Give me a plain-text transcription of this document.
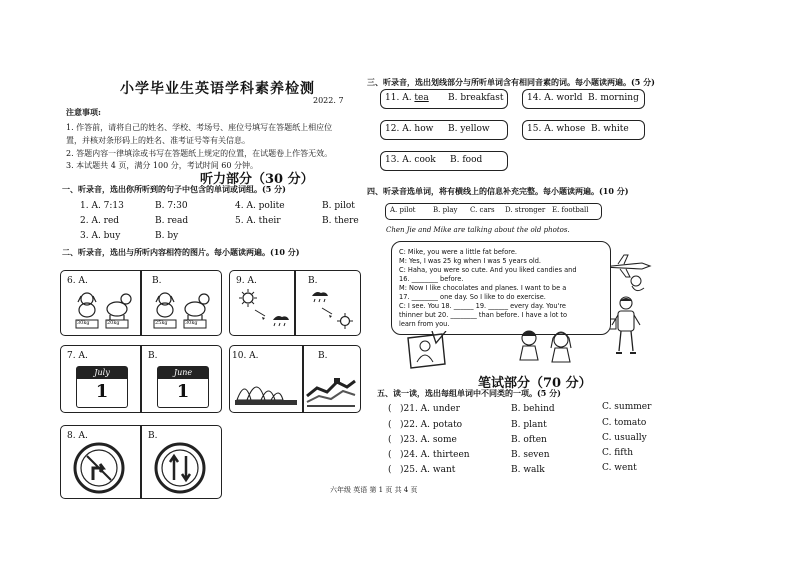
小学毕业生英语学科素养检测
2022. 7
注意事项:
1. 作答前，请将自己的姓名、学校、考场号、座位号填写在答题纸上相应位
置，并核对条形码上的姓名、准考证号等有关信息。
2. 答题内容一律填涂或书写在答题纸上规定的位置，在试题卷上作答无效。
3. 本试题共 4 页，满分 100 分，考试时间 60 分钟。
听力部分（30 分）
一、听录音，选出你所听到的句子中包含的单词或词组。(5 分)
1. A. 7:13	B. 7:30	4. A. polite	B. pilot
2. A. red	B. read	5. A. their	B. there
3. A. buy	B. by
二、听录音，选出与所听内容相符的图片。每小题读两遍。(10 分)
6. A.	B.
30kg	20kg	25kg	30kg
9. A.	B.
7. A.	B.
July
1
June
1
10. A.	B.
8. A.	B.
三、听录音，选出划线部分与所听单词含有相同音素的词。每小题读两遍。(5 分)
11. A. tea B. breakfast	14. A. world B. morning
12. A. how B. yellow	15. A. whose B. white
13. A. cook B. food
四、听录音选单词，将有横线上的信息补充完整。每小题读两遍。(10 分)
A. pilot	B. play C. cars D. stronger E. football
Chen Jie and Mike are talking about the old photos.
C: Mike, you were a little fat before.
M: Yes, I was 25 kg when I was 5 years old.
C: Haha, you were so cute. And you liked candies and
16. ________ before.
M: Now I like chocolates and planes. I want to be a
17. ________ one day. So I like to do exercise.
C: I see. You 18. ______ 19. ______ every day. You're
thinner but 20. ________ than before. I have a lot to
learn from you.
笔试部分（70 分）
五、读一读，选出每组单词中不同类的一项。(5 分)
( )21. A. under	B. behind	C. summer
( )22. A. potato	B. plant	C. tomato
( )23. A. some	B. often	C. usually
( )24. A. thirteen	B. seven	C. fifth
( )25. A. want	B. walk	C. went
六年级 英语 第 1 页 共 4 页
